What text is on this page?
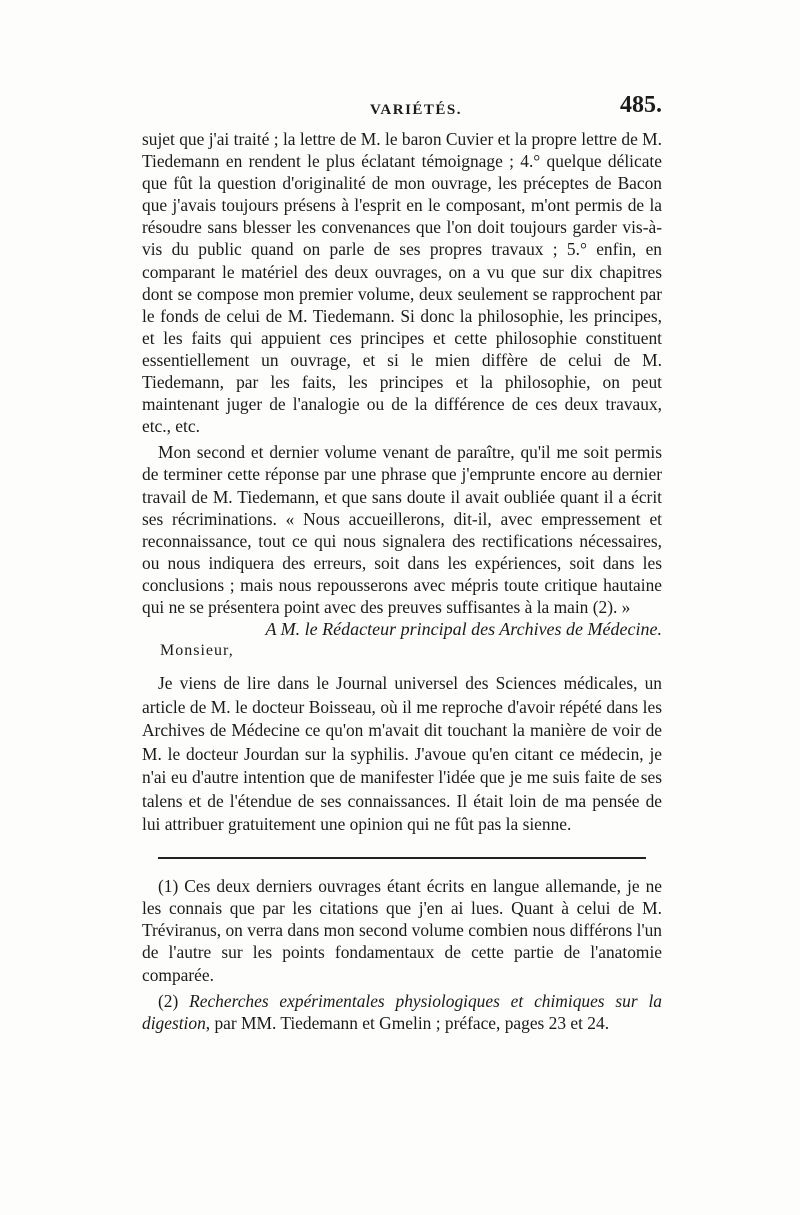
VARIÉTÉS.	485.

sujet que j'ai traité ; la lettre de M. le baron Cuvier et la propre lettre de M. Tiedemann en rendent le plus éclatant témoignage ; 4.° quelque délicate que fût la question d'originalité de mon ouvrage, les préceptes de Bacon que j'avais toujours présens à l'esprit en le composant, m'ont permis de la résoudre sans blesser les convenances que l'on doit toujours garder vis-à-vis du public quand on parle de ses propres travaux ; 5.° enfin, en comparant le matériel des deux ouvrages, on a vu que sur dix chapitres dont se compose mon premier volume, deux seulement se rapprochent par le fonds de celui de M. Tiedemann. Si donc la philosophie, les principes, et les faits qui appuient ces principes et cette philosophie constituent essentiellement un ouvrage, et si le mien diffère de celui de M. Tiedemann, par les faits, les principes et la philosophie, on peut maintenant juger de l'analogie ou de la différence de ces deux travaux, etc., etc.

Mon second et dernier volume venant de paraître, qu'il me soit permis de terminer cette réponse par une phrase que j'emprunte encore au dernier travail de M. Tiedemann, et que sans doute il avait oubliée quant il a écrit ses récriminations. « Nous accueillerons, dit-il, avec empressement et reconnaissance, tout ce qui nous signalera des rectifications nécessaires, ou nous indiquera des erreurs, soit dans les expériences, soit dans les conclusions ; mais nous repousserons avec mépris toute critique hautaine qui ne se présentera point avec des preuves suffisantes à la main (2). »

A M. le Rédacteur principal des Archives de Médecine.

Monsieur,

Je viens de lire dans le Journal universel des Sciences médicales, un article de M. le docteur Boisseau, où il me reproche d'avoir répété dans les Archives de Médecine ce qu'on m'avait dit touchant la manière de voir de M. le docteur Jourdan sur la syphilis. J'avoue qu'en citant ce médecin, je n'ai eu d'autre intention que de manifester l'idée que je me suis faite de ses talens et de l'étendue de ses connaissances. Il était loin de ma pensée de lui attribuer gratuitement une opinion qui ne fût pas la sienne.

(1) Ces deux derniers ouvrages étant écrits en langue allemande, je ne les connais que par les citations que j'en ai lues. Quant à celui de M. Tréviranus, on verra dans mon second volume combien nous différons l'un de l'autre sur les points fondamentaux de cette partie de l'anatomie comparée.

(2) Recherches expérimentales physiologiques et chimiques sur la digestion, par MM. Tiedemann et Gmelin ; préface, pages 23 et 24.
